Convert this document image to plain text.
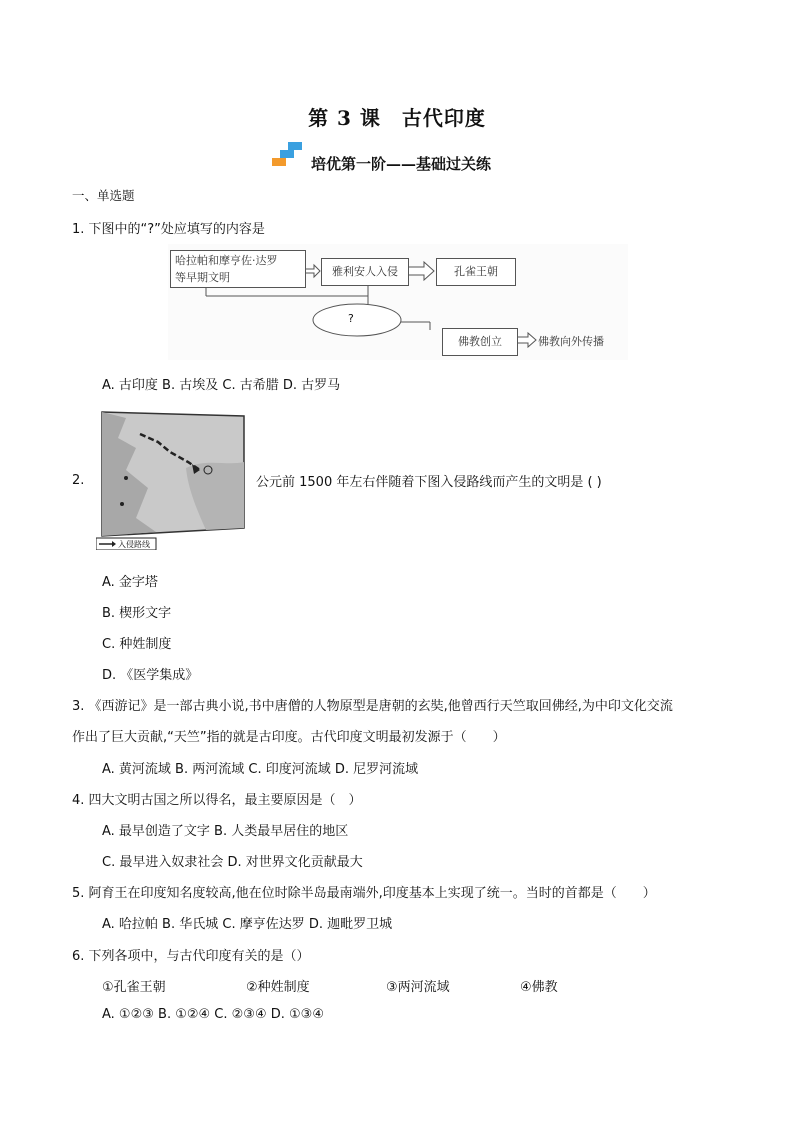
第 3 课　古代印度
培优第一阶——基础过关练
一、单选题
1. 下图中的“?”处应填写的内容是
哈拉帕和摩亨佐·达罗
等早期文明	雅利安人入侵	孔雀王朝
?
佛教创立	佛教向外传播
A. 古印度 B. 古埃及 C. 古希腊 D. 古罗马
2.
入侵路线
公元前 1500 年左右伴随着下图入侵路线而产生的文明是 ( )
A. 金字塔
B. 楔形文字
C. 种姓制度
D. 《医学集成》
3. 《西游记》是一部古典小说,书中唐僧的人物原型是唐朝的玄奘,他曾西行天竺取回佛经,为中印文化交流
作出了巨大贡献,“天竺”指的就是古印度。古代印度文明最初发源于（　　）
A. 黄河流域 B. 两河流域 C. 印度河流域 D. 尼罗河流域
4. 四大文明古国之所以得名，最主要原因是（　）
A. 最早创造了文字 B. 人类最早居住的地区
C. 最早进入奴隶社会 D. 对世界文化贡献最大
5. 阿育王在印度知名度较高,他在位时除半岛最南端外,印度基本上实现了统一。当时的首都是（　　）
A. 哈拉帕 B. 华氏城 C. 摩亨佐达罗 D. 迦毗罗卫城
6. 下列各项中，与古代印度有关的是（）
①孔雀王朝	②种姓制度	③两河流域	④佛教
A. ①②③ B. ①②④ C. ②③④ D. ①③④
